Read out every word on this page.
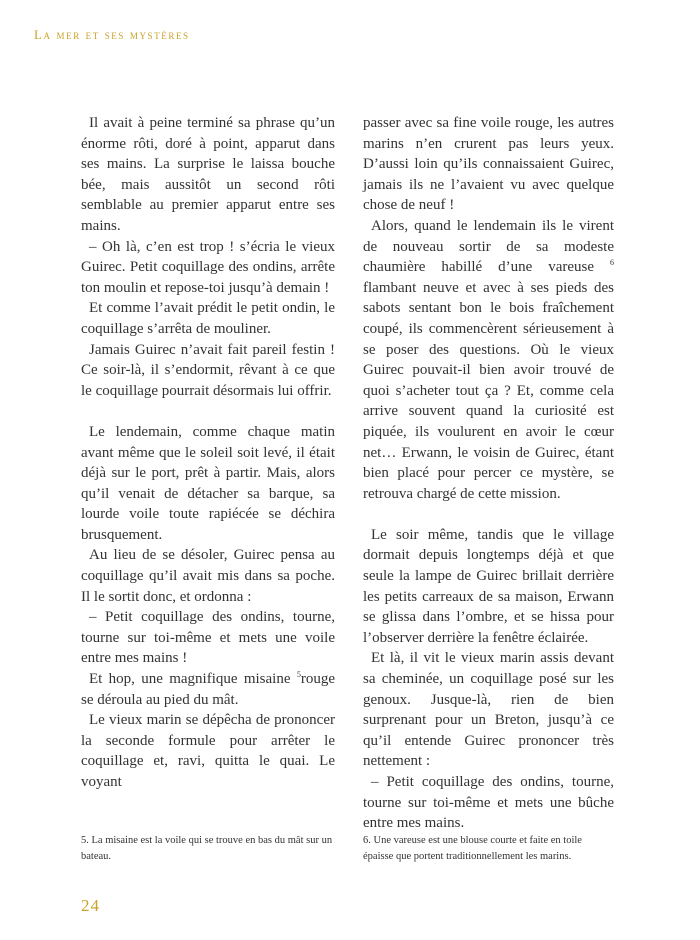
La mer et ses mystères

Il avait à peine terminé sa phrase qu’un énorme rôti, doré à point, apparut dans ses mains. La surprise le laissa bouche bée, mais aussitôt un second rôti semblable au premier apparut entre ses mains.

– Oh là, c’en est trop ! s’écria le vieux Guirec. Petit coquillage des ondins, arrête ton moulin et repose-toi jusqu’à demain !

Et comme l’avait prédit le petit ondin, le coquillage s’arrêta de mouliner.

Jamais Guirec n’avait fait pareil festin ! Ce soir-là, il s’endormit, rêvant à ce que le coquillage pourrait désormais lui offrir.

Le lendemain, comme chaque matin avant même que le soleil soit levé, il était déjà sur le port, prêt à partir. Mais, alors qu’il venait de détacher sa barque, sa lourde voile toute rapiécée se déchira brusquement.

Au lieu de se désoler, Guirec pensa au coquillage qu’il avait mis dans sa poche. Il le sortit donc, et ordonna :

– Petit coquillage des ondins, tourne, tourne sur toi-même et mets une voile entre mes mains !

Et hop, une magnifique misaine $^5$rouge se déroula au pied du mât.

Le vieux marin se dépêcha de prononcer la seconde formule pour arrêter le coquillage et, ravi, quitta le quai. Le voyant

passer avec sa fine voile rouge, les autres marins n’en crurent pas leurs yeux. D’aussi loin qu’ils connaissaient Guirec, jamais ils ne l’avaient vu avec quelque chose de neuf !

Alors, quand le lendemain ils le virent de nouveau sortir de sa modeste chaumière habillé d’une vareuse $^6$ flambant neuve et avec à ses pieds des sabots sentant bon le bois fraîchement coupé, ils commencèrent sérieusement à se poser des questions. Où le vieux Guirec pouvait-il bien avoir trouvé de quoi s’acheter tout ça ? Et, comme cela arrive souvent quand la curiosité est piquée, ils voulurent en avoir le cœur net… Erwann, le voisin de Guirec, étant bien placé pour percer ce mystère, se retrouva chargé de cette mission.

Le soir même, tandis que le village dormait depuis longtemps déjà et que seule la lampe de Guirec brillait derrière les petits carreaux de sa maison, Erwann se glissa dans l’ombre, et se hissa pour l’observer derrière la fenêtre éclairée.

Et là, il vit le vieux marin assis devant sa cheminée, un coquillage posé sur les genoux. Jusque-là, rien de bien surprenant pour un Breton, jusqu’à ce qu’il entende Guirec prononcer très nettement :

– Petit coquillage des ondins, tourne, tourne sur toi-même et mets une bûche entre mes mains.

5. La misaine est la voile qui se trouve en bas du mât sur un bateau.
6. Une vareuse est une blouse courte et faite en toile épaisse que portent traditionnellement les marins.
24
